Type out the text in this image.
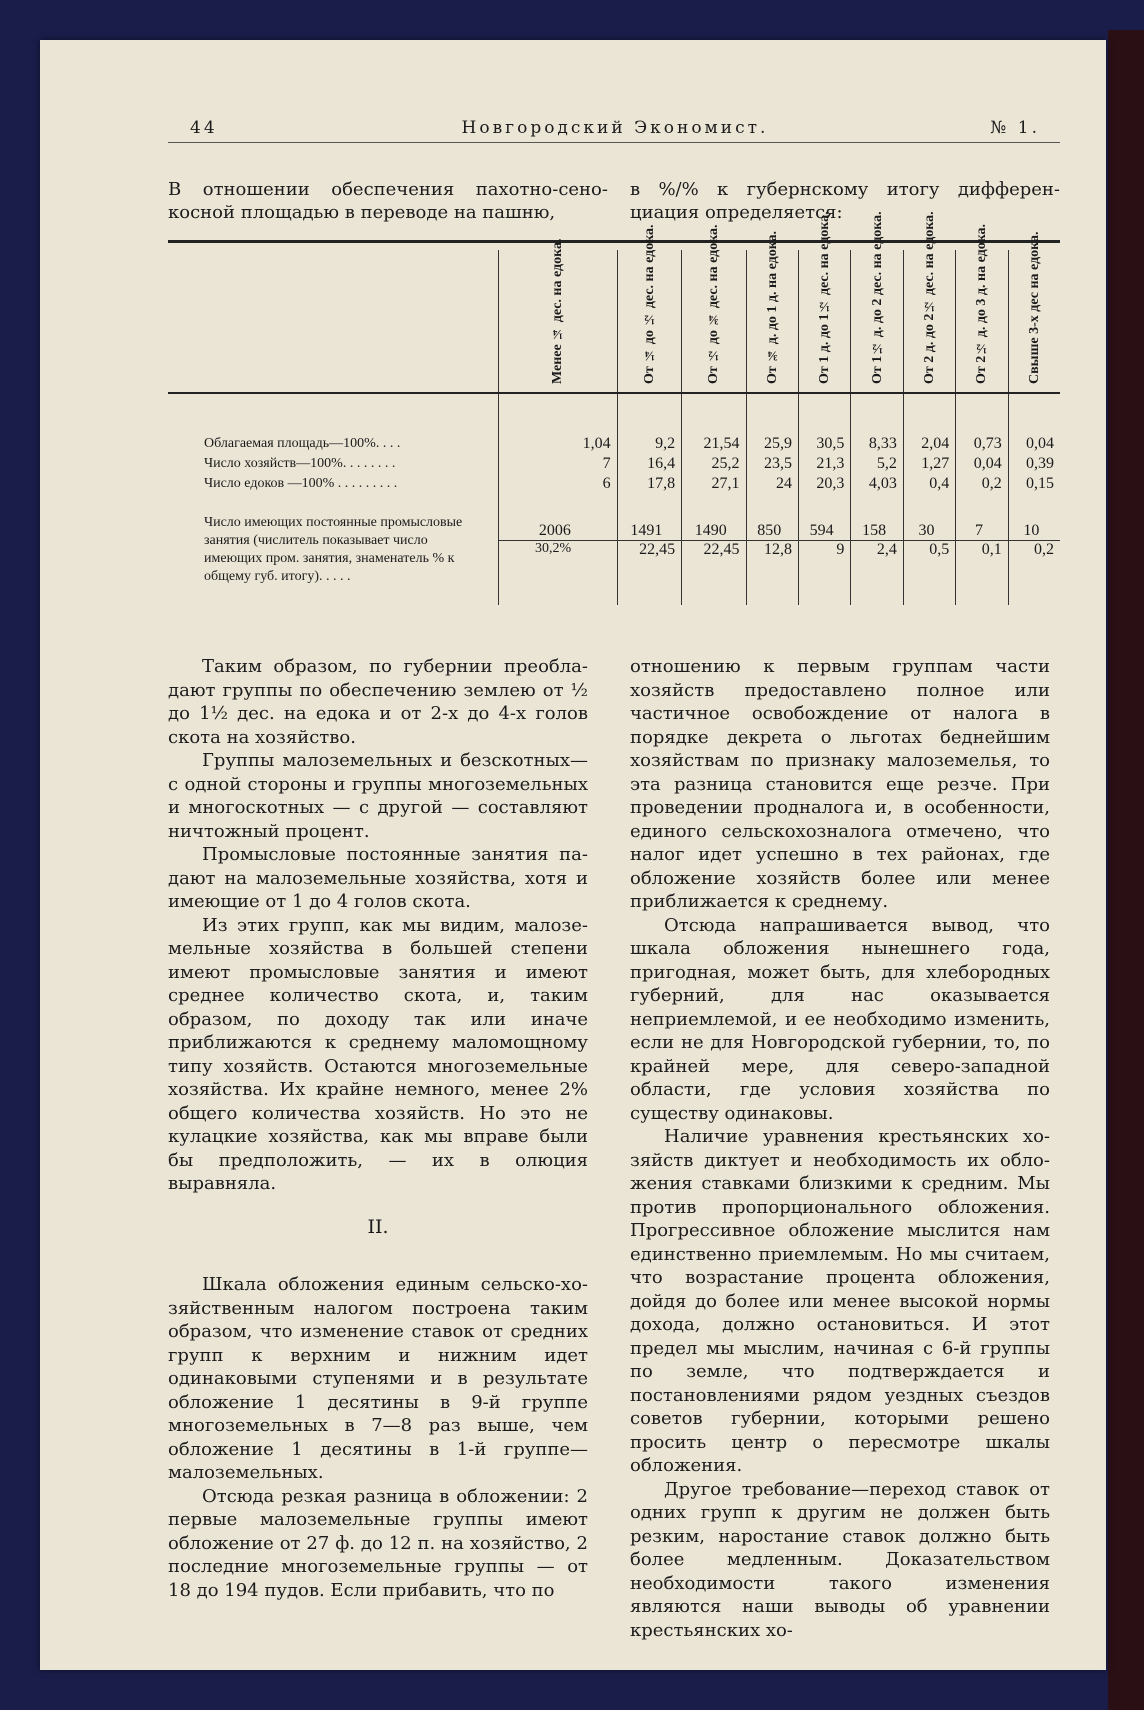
44	Новгородский Экономист.	№ 1.
В отношении обеспечения пахотно-сенокосной площадью в переводе на пашню,
в %/% к губернскому итогу дифференциация определяется:

	Менее ¼ дес. на едока.	От ¼ до ½ дес. на едока.	От ½ до ¾ дес. на едока.	От ¾ д. до 1 д. на едока.	От 1 д. до 1½ дес. на едока.	От 1½ д. до 2 дес. на едока.	От 2 д. до 2½ дес. на едока.	От 2½ д. до 3 д. на едока.	Свыше 3-х дес на едока.

Облагаемая площадь—100%. . . .	1,04	9,2	21,54	25,9	30,5	8,33	2,04	0,73	0,04
Число хозяйств—100%. . . . . . . .	7	16,4	25,2	23,5	21,3	5,2	1,27	0,04	0,39
Число едоков —100% . . . . . . . . .	6	17,8	27,1	24	20,3	4,03	0,4	0,2	0,15
Число имеющих постоянные промысловые занятия (числитель показывает число имеющих пром. занятия, знаменатель % к общему губ. итогу). . . . .	2006	1491	1490	850	594	158	30	7	10
	30,2%	22,45	22,45	12,8	9	2,4	0,5	0,1	0,2

Таким образом, по губернии преобладают группы по обеспечению землею от ½ до 1½ дес. на едока и от 2-х до 4-х голов скота на хозяйство.

Группы малоземельных и безскотных— с одной стороны и группы многоземельных и многоскотных — с другой — составляют ничтожный процент.

Промысловые постоянные занятия падают на малоземельные хозяйства, хотя и имеющие от 1 до 4 голов скота.

Из этих групп, как мы видим, малоземельные хозяйства в большей степени имеют промысловые занятия и имеют среднее количество скота, и, таким образом, по доходу так или иначе приближаются к среднему маломощному типу хозяйств. Остаются многоземельные хозяйства. Их крайне немного, менее 2% общего количества хозяйств. Но это не кулацкие хозяйства, как мы вправе были бы предположить, — их в олюция выравняла.

II.

Шкала обложения единым сельско-хозяйственным налогом построена таким образом, что изменение ставок от средних групп к верхним и нижним идет одинаковыми ступенями и в результате обложение 1 десятины в 9-й группе многоземельных в 7—8 раз выше, чем обложение 1 десятины в 1-й группе—малоземельных.

Отсюда резкая разница в обложении: 2 первые малоземельные группы имеют обложение от 27 ф. до 12 п. на хозяйство, 2 последние многоземельные группы — от 18 до 194 пудов. Если прибавить, что по

отношению к первым группам части хозяйств предоставлено полное или частичное освобождение от налога в порядке декрета о льготах беднейшим хозяйствам по признаку малоземелья, то эта разница становится еще резче. При проведении продналога и, в особенности, единого сельскохозналога отмечено, что налог идет успешно в тех районах, где обложение хозяйств более или менее приближается к среднему.

Отсюда напрашивается вывод, что шкала обложения нынешнего года, пригодная, может быть, для хлебородных губерний, для нас оказывается неприемлемой, и ее необходимо изменить, если не для Новгородской губернии, то, по крайней мере, для северо-западной области, где условия хозяйства по существу одинаковы.

Наличие уравнения крестьянских хозяйств диктует и необходимость их обложения ставками близкими к средним. Мы против пропорционального обложения. Прогрессивное обложение мыслится нам единственно приемлемым. Но мы считаем, что возрастание процента обложения, дойдя до более или менее высокой нормы дохода, должно остановиться. И этот предел мы мыслим, начиная с 6-й группы по земле, что подтверждается и постановлениями рядом уездных съездов советов губернии, которыми решено просить центр о пересмотре шкалы обложения.

Другое требование—переход ставок от одних групп к другим не должен быть резким, наростание ставок должно быть более медленным. Доказательством необходимости такого изменения являются наши выводы об уравнении крестьянских хо-
